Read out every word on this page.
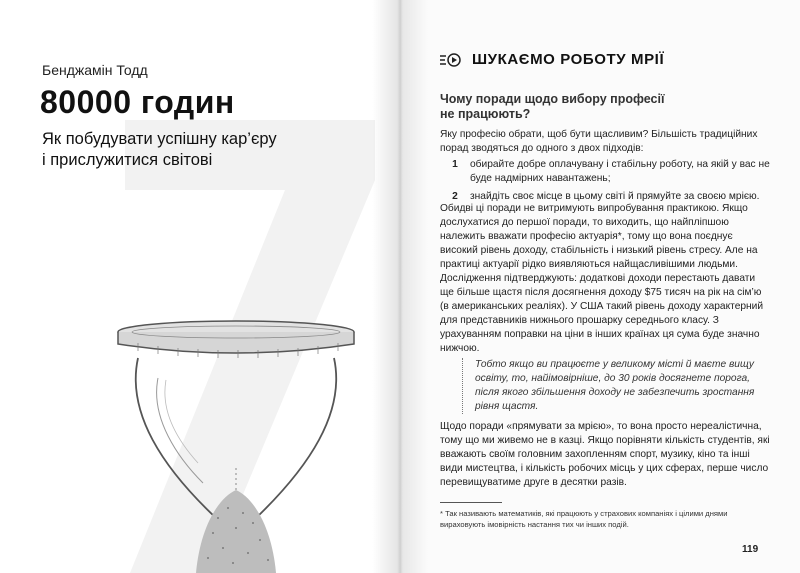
Бенджамін Тодд
80000 годин
Як побудувати успішну кар’єру
і прислужитися світові
ШУКАЄМО РОБОТУ МРІЇ
Чому поради щодо вибору професії
не працюють?

Яку професію обрати, щоб бути щасливим? Більшість традиційних порад зводяться до одного з двох підходів:

1	обирайте добре оплачувану і стабільну роботу, на якій у вас не буде надмірних навантажень;
2	знайдіть своє місце в цьому світі й прямуйте за своєю мрією.

Обидві ці поради не витримують випробування практикою. Якщо дослухатися до першої поради, то виходить, що найпліпшою належить вважати професію актуарія*, тому що вона поєднує високий рівень доходу, стабільність і низький рівень стресу. Але на практиці актуарії рідко виявляються найщасливішими людьми.

Дослідження підтверджують: додаткові доходи перестають давати ще більше щастя після досягнення доходу $75 тисяч на рік на сім’ю (в американських реаліях). У США такий рівень доходу характерний для представників нижнього прошарку середнього класу. З урахуванням поправки на ціни в інших країнах ця сума буде значно нижчою.

Тобто якщо ви працюєте у великому місті й маєте вищу освіту, то, найімовірніше, до 30 років досягнете порога, після якого збільшення доходу не забезпечить зростання рівня щастя.

Щодо поради «прямувати за мрією», то вона просто нереалістична, тому що ми живемо не в казці. Якщо порівняти кількість студентів, які вважають своїм головним захопленням спорт, музику, кіно та інші види мистецтва, і кількість робочих місць у цих сферах, перше число перевищуватиме друге в десятки разів.

* Так називають математиків, які працюють у страхових компаніях і цілими днями вираховують імовірність настання тих чи інших подій.
119
